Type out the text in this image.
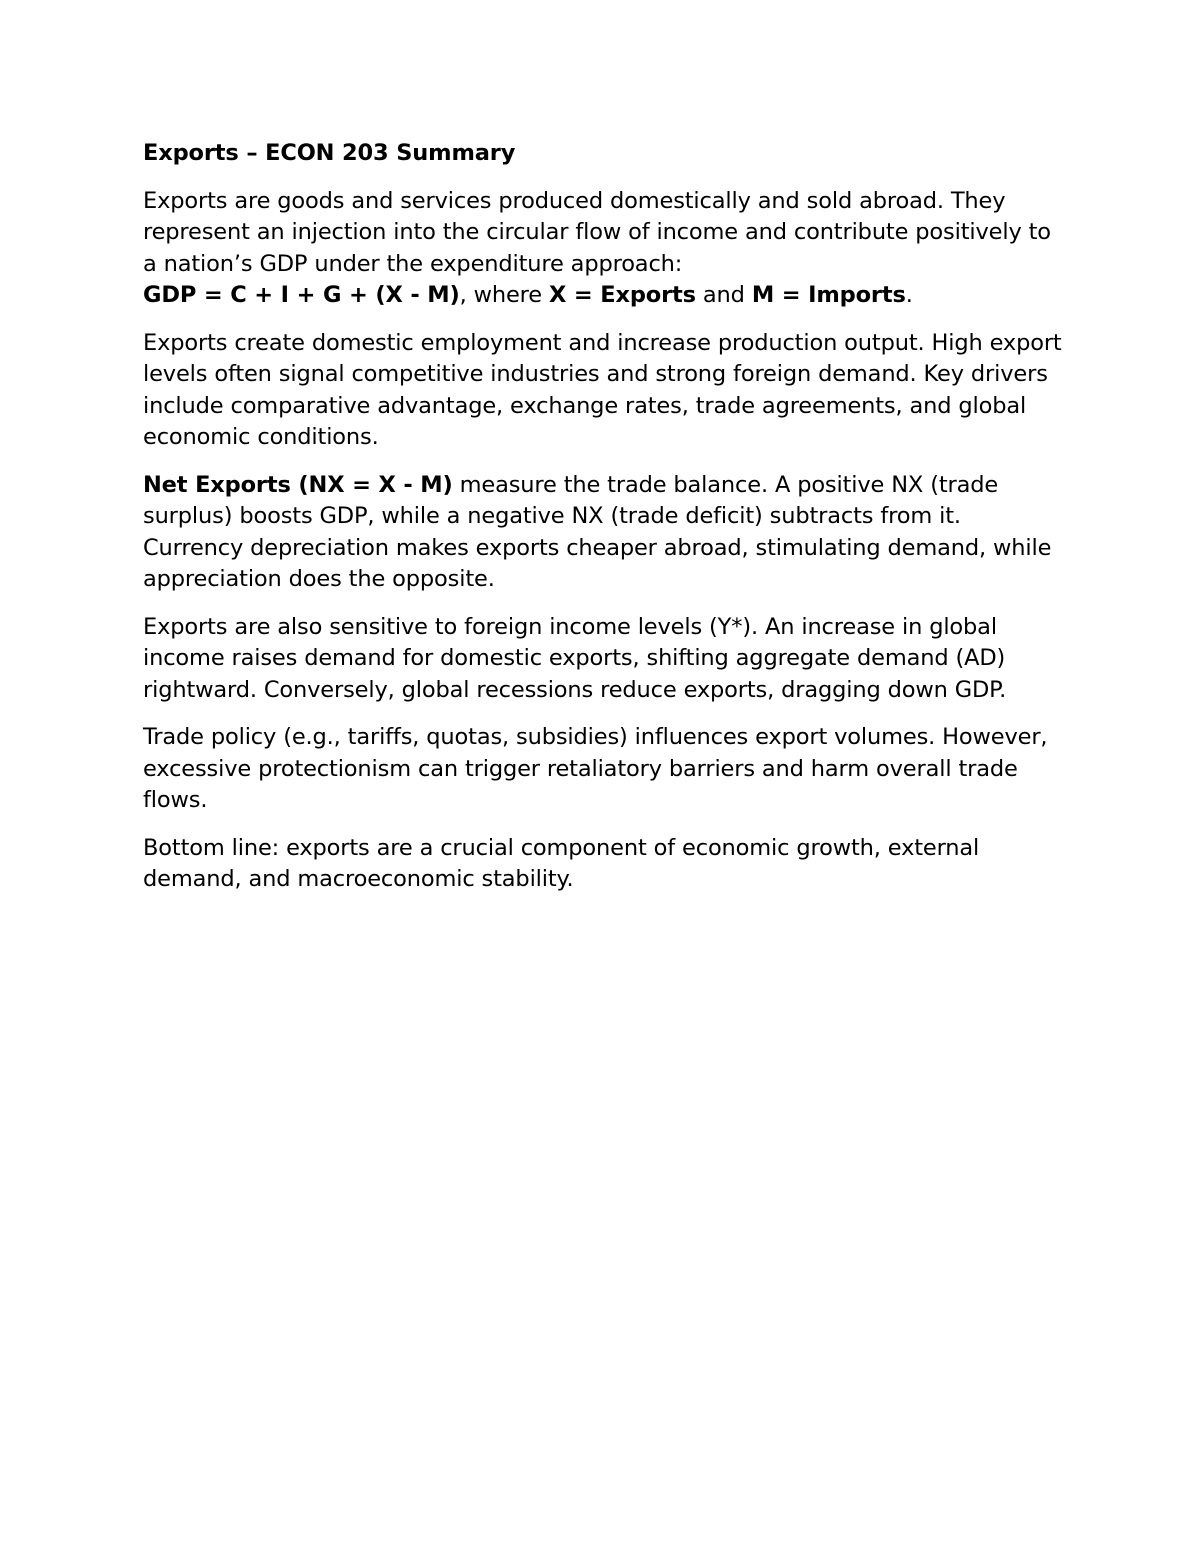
Exports – ECON 203 Summary

Exports are goods and services produced domestically and sold abroad. They represent an injection into the circular flow of income and contribute positively to a nation’s GDP under the expenditure approach:
GDP = C + I + G + (X - M), where X = Exports and M = Imports.

Exports create domestic employment and increase production output. High export levels often signal competitive industries and strong foreign demand. Key drivers include comparative advantage, exchange rates, trade agreements, and global economic conditions.

Net Exports (NX = X - M) measure the trade balance. A positive NX (trade surplus) boosts GDP, while a negative NX (trade deficit) subtracts from it. Currency depreciation makes exports cheaper abroad, stimulating demand, while appreciation does the opposite.

Exports are also sensitive to foreign income levels (Y*). An increase in global income raises demand for domestic exports, shifting aggregate demand (AD) rightward. Conversely, global recessions reduce exports, dragging down GDP.

Trade policy (e.g., tariffs, quotas, subsidies) influences export volumes. However, excessive protectionism can trigger retaliatory barriers and harm overall trade flows.

Bottom line: exports are a crucial component of economic growth, external demand, and macroeconomic stability.
